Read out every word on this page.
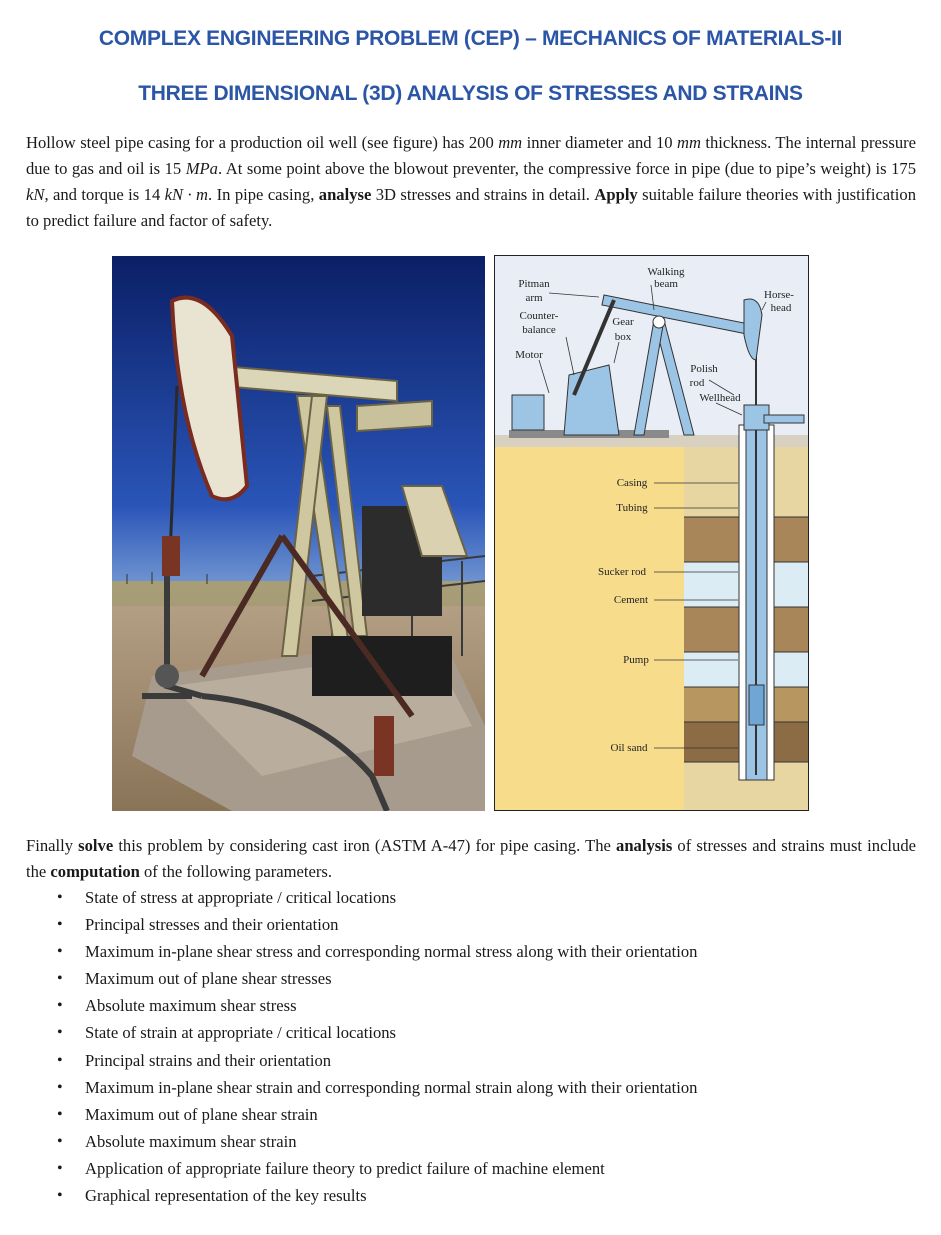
COMPLEX ENGINEERING PROBLEM (CEP) – MECHANICS OF MATERIALS-II
THREE DIMENSIONAL (3D) ANALYSIS OF STRESSES AND STRAINS
Hollow steel pipe casing for a production oil well (see figure) has 200 mm inner diameter and 10 mm thickness. The internal pressure due to gas and oil is 15 MPa. At some point above the blowout preventer, the compressive force in pipe (due to pipe’s weight) is 175 kN, and torque is 14 kN · m. In pipe casing, analyse 3D stresses and strains in detail. Apply suitable failure theories with justification to predict failure and factor of safety.
Walking
beam
Pitman
arm
Counter-
balance
Gear
box
Motor
Horse-
head
Polish
rod
Wellhead
Casing
Tubing
Sucker rod
Cement
Pump
Oil sand
Finally solve this problem by considering cast iron (ASTM A-47) for pipe casing. The analysis of stresses and strains must include the computation of the following parameters.
• State of stress at appropriate / critical locations
• Principal stresses and their orientation
• Maximum in-plane shear stress and corresponding normal stress along with their orientation
• Maximum out of plane shear stresses
• Absolute maximum shear stress
• State of strain at appropriate / critical locations
• Principal strains and their orientation
• Maximum in-plane shear strain and corresponding normal strain along with their orientation
• Maximum out of plane shear strain
• Absolute maximum shear strain
• Application of appropriate failure theory to predict failure of machine element
• Graphical representation of the key results
